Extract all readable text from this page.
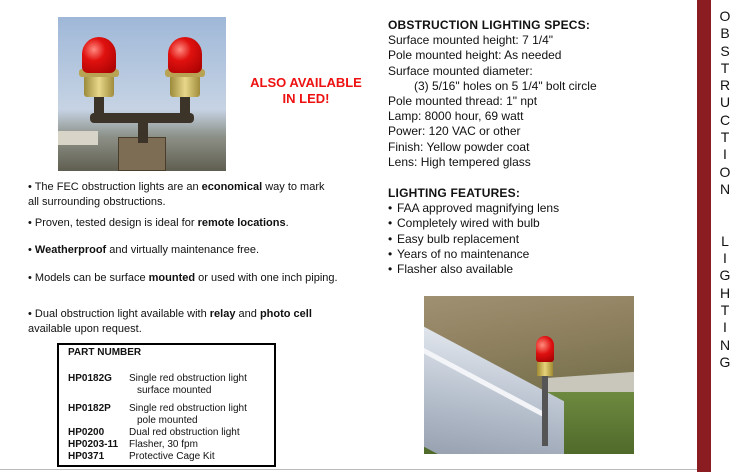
ALSO AVAILABLE
IN LED!
• The FEC obstruction lights are an economical way to mark all surrounding obstructions.
• Proven, tested design is ideal for remote locations.
• Weatherproof and virtually maintenance free.
• Models can be surface mounted or used with one inch piping.
• Dual obstruction light available with relay and photo cell available upon request.
PART NUMBER
HP0182G	Single red obstruction light
surface mounted
HP0182P	Single red obstruction light
pole mounted
HP0200	Dual red obstruction light
HP0203-11	Flasher, 30 fpm
HP0371	Protective Cage Kit
OBSTRUCTION LIGHTING SPECS:
Surface mounted height: 7 1/4"
Pole mounted height: As needed
Surface mounted diameter:
(3) 5/16" holes on 5 1/4" bolt circle
Pole mounted thread: 1" npt
Lamp: 8000 hour, 69 watt
Power: 120 VAC or other
Finish: Yellow powder coat
Lens: High tempered glass
LIGHTING FEATURES:
• FAA approved magnifying lens
• Completely wired with bulb
• Easy bulb replacement
• Years of no maintenance
• Flasher also available
O
B
S
T
R
U
C
T
I
O
N
L
I
G
H
T
I
N
G
